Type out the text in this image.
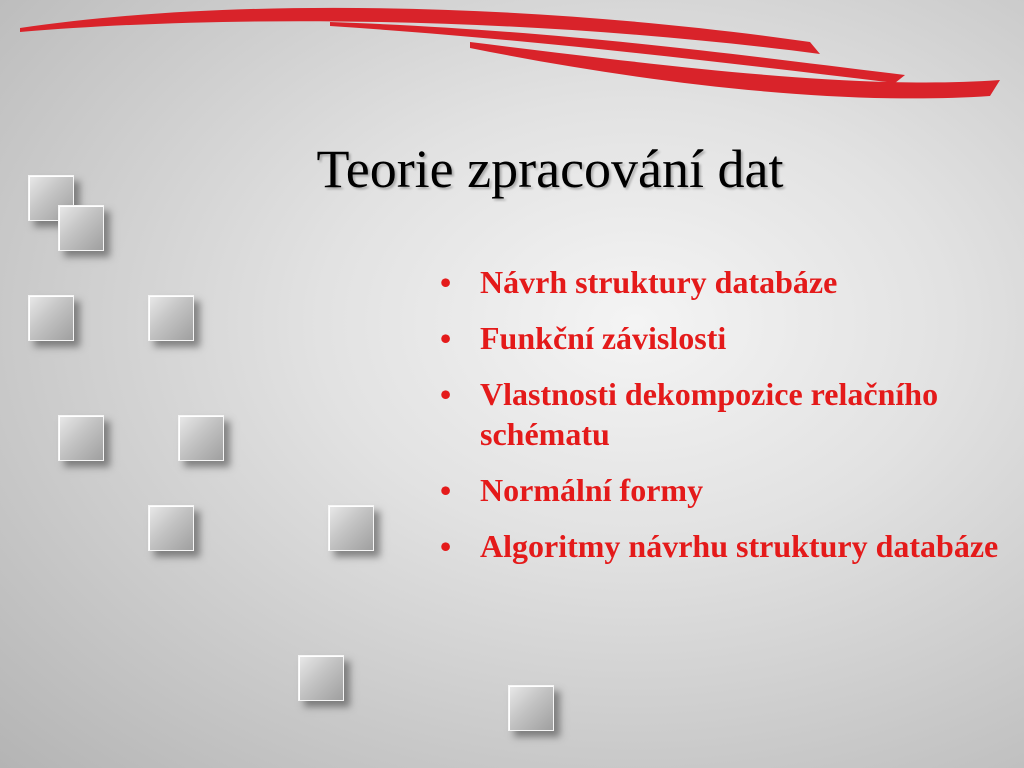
Teorie zpracování dat
• Návrh struktury databáze
• Funkční závislosti
• Vlastnosti dekompozice relačního schématu
• Normální formy
• Algoritmy návrhu struktury databáze
